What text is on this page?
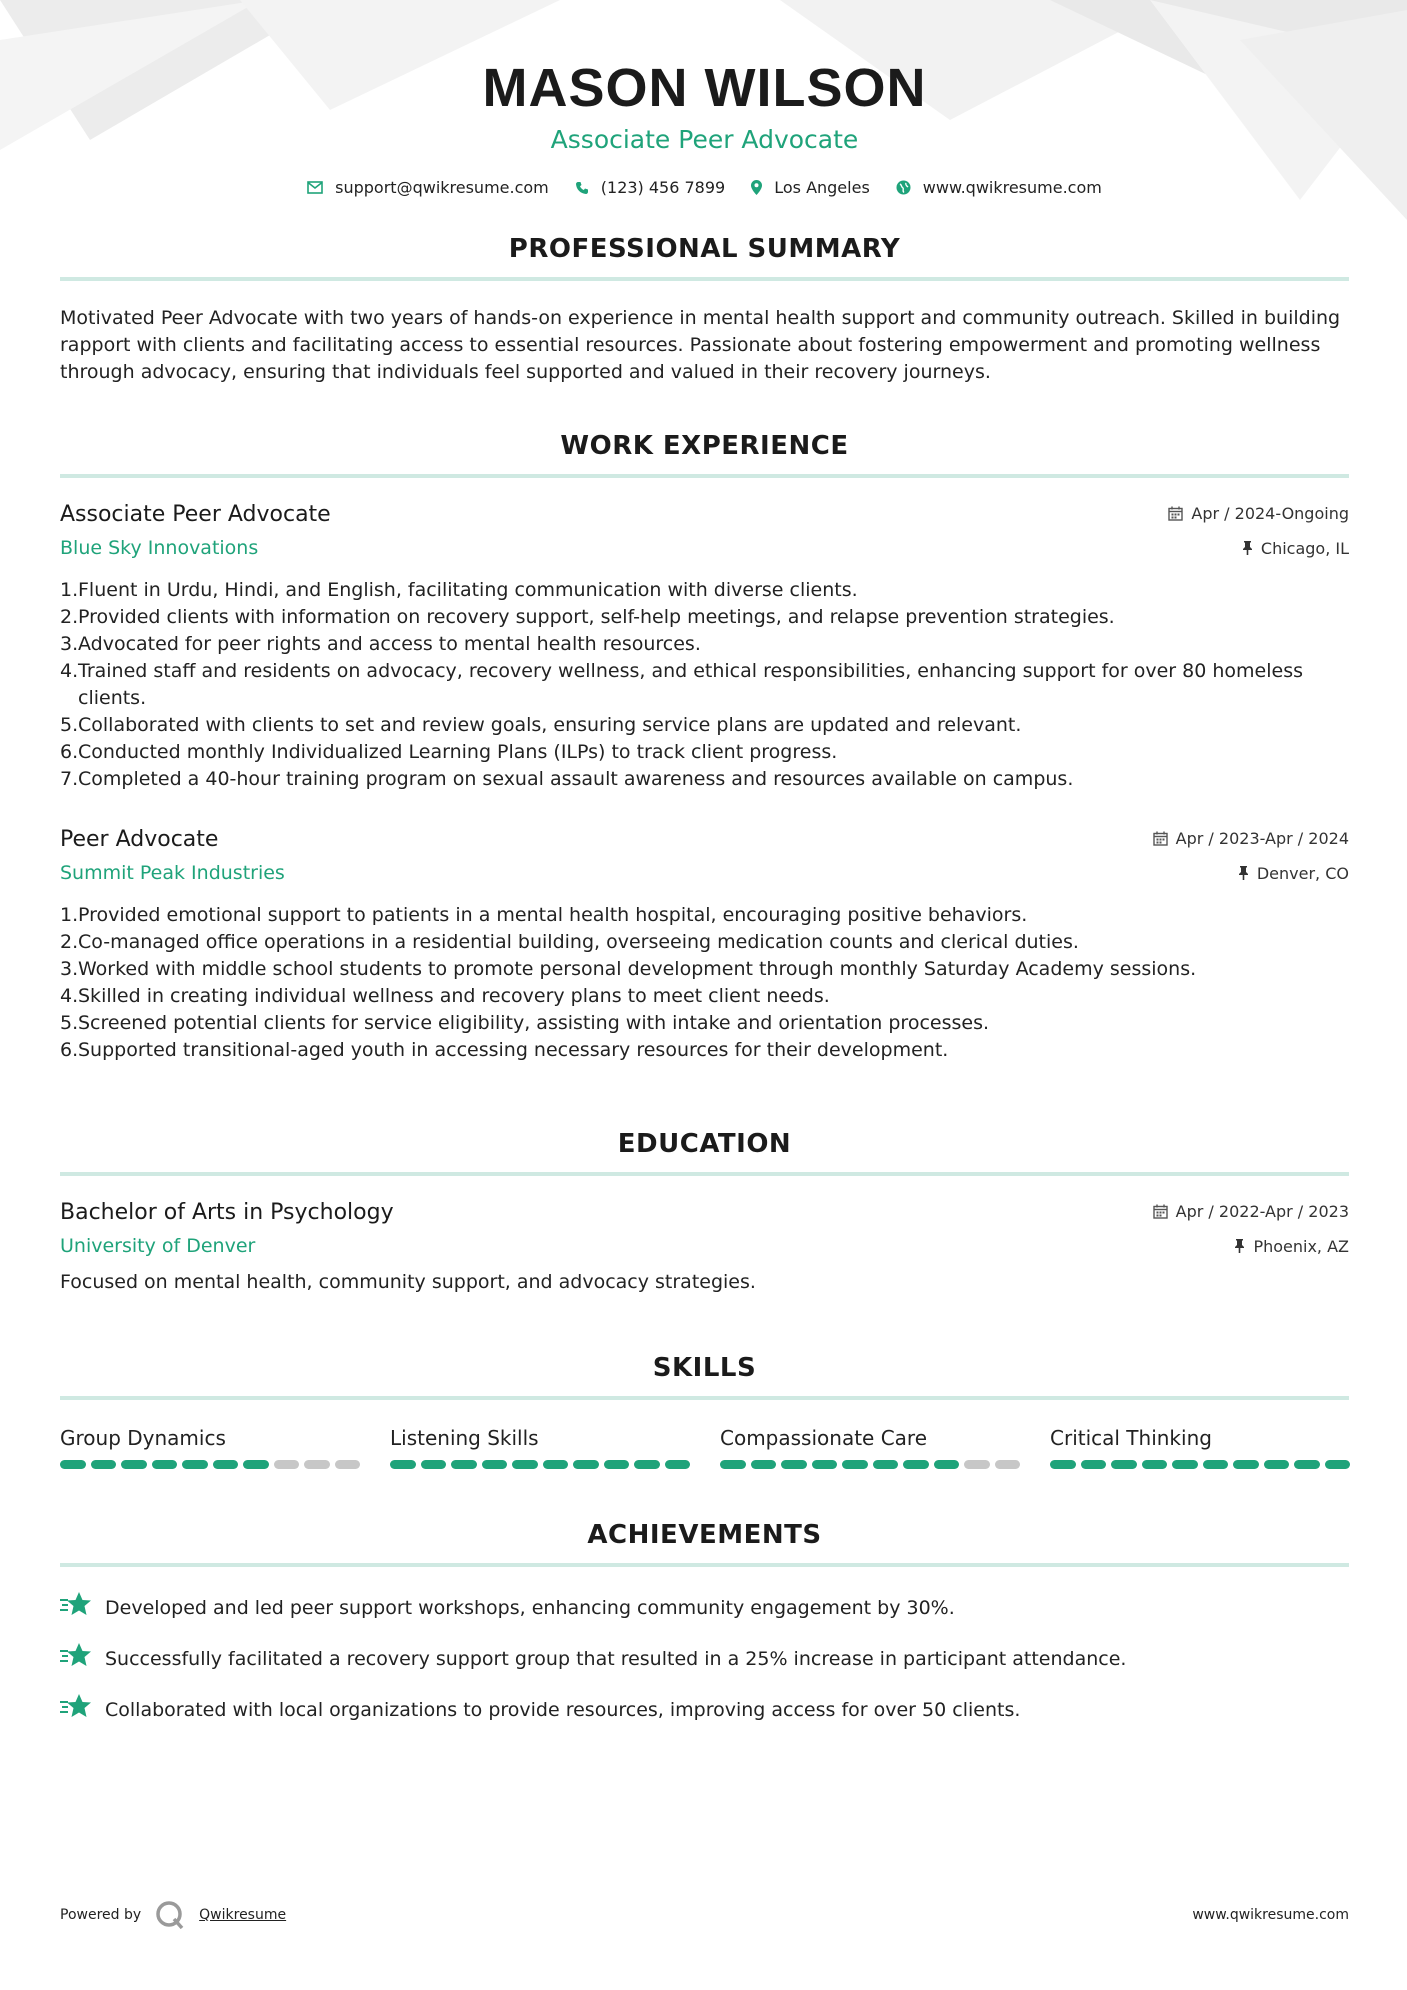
MASON WILSON
Associate Peer Advocate
support@qwikresume.com	(123) 456 7899	Los Angeles	www.qwikresume.com
PROFESSIONAL SUMMARY

Motivated Peer Advocate with two years of hands-on experience in mental health support and community outreach. Skilled in building rapport with clients and facilitating access to essential resources. Passionate about fostering empowerment and promoting wellness through advocacy, ensuring that individuals feel supported and valued in their recovery journeys.

WORK EXPERIENCE
Associate Peer Advocate	Apr / 2024-Ongoing
Blue Sky Innovations	Chicago, IL
1. Fluent in Urdu, Hindi, and English, facilitating communication with diverse clients.
2. Provided clients with information on recovery support, self-help meetings, and relapse prevention strategies.
3. Advocated for peer rights and access to mental health resources.
4. Trained staff and residents on advocacy, recovery wellness, and ethical responsibilities, enhancing support for over 80 homeless clients.
5. Collaborated with clients to set and review goals, ensuring service plans are updated and relevant.
6. Conducted monthly Individualized Learning Plans (ILPs) to track client progress.
7. Completed a 40-hour training program on sexual assault awareness and resources available on campus.
Peer Advocate	Apr / 2023-Apr / 2024
Summit Peak Industries	Denver, CO
1. Provided emotional support to patients in a mental health hospital, encouraging positive behaviors.
2. Co-managed office operations in a residential building, overseeing medication counts and clerical duties.
3. Worked with middle school students to promote personal development through monthly Saturday Academy sessions.
4. Skilled in creating individual wellness and recovery plans to meet client needs.
5. Screened potential clients for service eligibility, assisting with intake and orientation processes.
6. Supported transitional-aged youth in accessing necessary resources for their development.
EDUCATION
Bachelor of Arts in Psychology	Apr / 2022-Apr / 2023
University of Denver	Phoenix, AZ

Focused on mental health, community support, and advocacy strategies.

SKILLS
Group Dynamics	Listening Skills	Compassionate Care	Critical Thinking
ACHIEVEMENTS
Developed and led peer support workshops, enhancing community engagement by 30%.
Successfully facilitated a recovery support group that resulted in a 25% increase in participant attendance.
Collaborated with local organizations to provide resources, improving access for over 50 clients.
Powered by	Qwikresume	www.qwikresume.com
